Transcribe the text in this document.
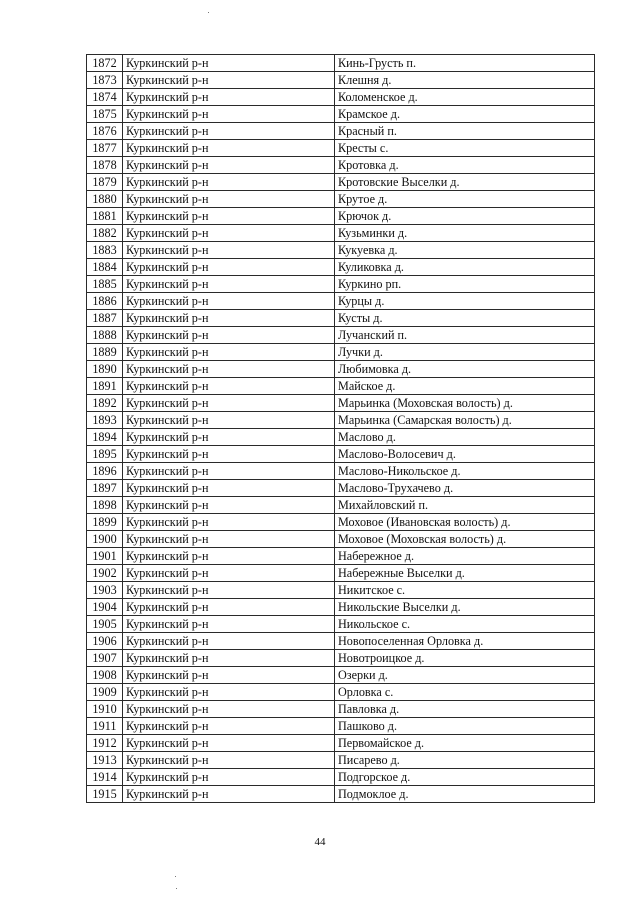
1872	Куркинский р-н	Кинь-Грусть п.
1873	Куркинский р-н	Клешня д.
1874	Куркинский р-н	Коломенское д.
1875	Куркинский р-н	Крамское д.
1876	Куркинский р-н	Красный п.
1877	Куркинский р-н	Кресты с.
1878	Куркинский р-н	Кротовка д.
1879	Куркинский р-н	Кротовские Выселки д.
1880	Куркинский р-н	Крутое д.
1881	Куркинский р-н	Крючок д.
1882	Куркинский р-н	Кузьминки д.
1883	Куркинский р-н	Кукуевка д.
1884	Куркинский р-н	Куликовка д.
1885	Куркинский р-н	Куркино рп.
1886	Куркинский р-н	Курцы д.
1887	Куркинский р-н	Кусты д.
1888	Куркинский р-н	Лучанский п.
1889	Куркинский р-н	Лучки д.
1890	Куркинский р-н	Любимовка д.
1891	Куркинский р-н	Майское д.
1892	Куркинский р-н	Марьинка (Моховская волость) д.
1893	Куркинский р-н	Марьинка (Самарская волость) д.
1894	Куркинский р-н	Маслово д.
1895	Куркинский р-н	Маслово-Волосевич д.
1896	Куркинский р-н	Маслово-Никольское д.
1897	Куркинский р-н	Маслово-Трухачево д.
1898	Куркинский р-н	Михайловский п.
1899	Куркинский р-н	Моховое (Ивановская волость) д.
1900	Куркинский р-н	Моховое (Моховская волость) д.
1901	Куркинский р-н	Набережное д.
1902	Куркинский р-н	Набережные Выселки д.
1903	Куркинский р-н	Никитское с.
1904	Куркинский р-н	Никольские Выселки д.
1905	Куркинский р-н	Никольское с.
1906	Куркинский р-н	Новопоселенная Орловка д.
1907	Куркинский р-н	Новотроицкое д.
1908	Куркинский р-н	Озерки д.
1909	Куркинский р-н	Орловка с.
1910	Куркинский р-н	Павловка д.
1911	Куркинский р-н	Пашково д.
1912	Куркинский р-н	Первомайское д.
1913	Куркинский р-н	Писарево д.
1914	Куркинский р-н	Подгорское д.
1915	Куркинский р-н	Подмоклое д.
44
